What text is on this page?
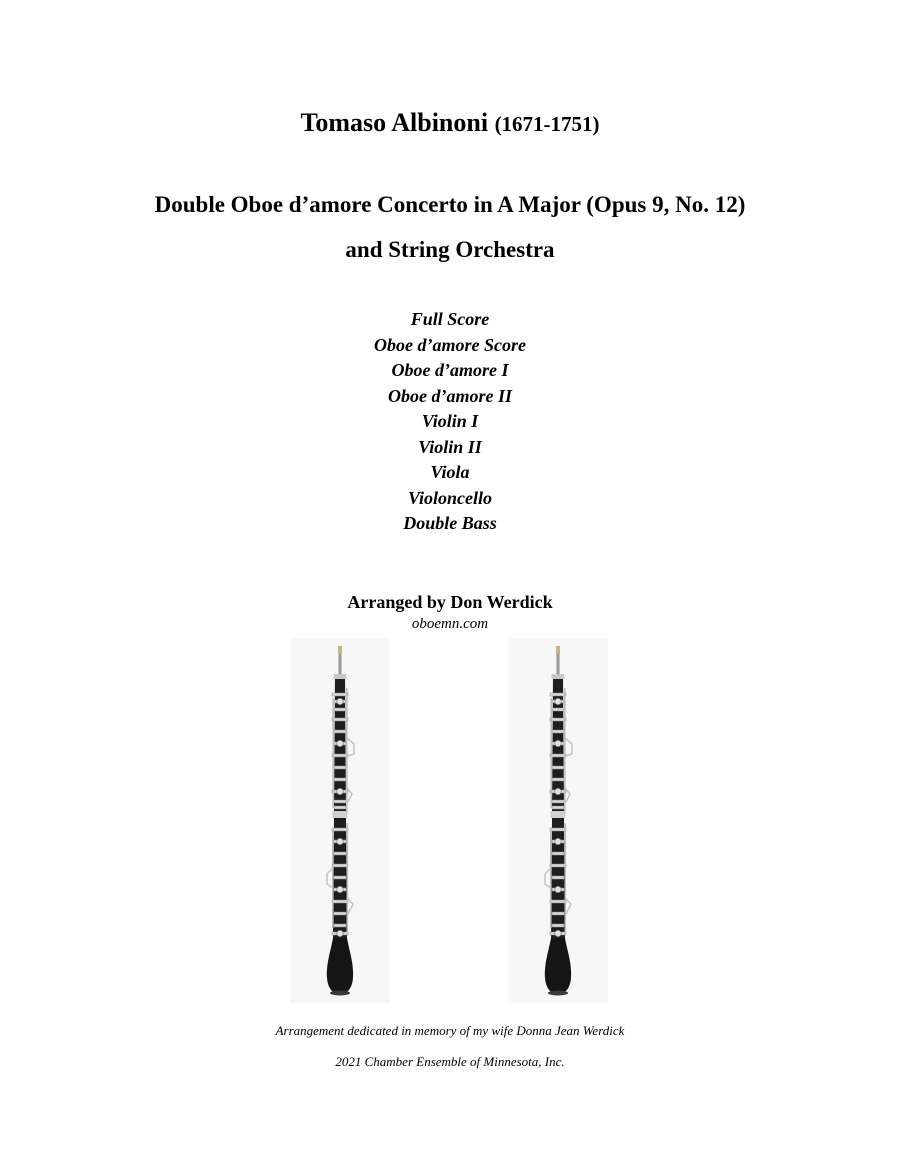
Tomaso Albinoni (1671-1751)
Double Oboe d’amore Concerto in A Major (Opus 9, No. 12)
and String Orchestra
Full Score
Oboe d’amore Score
Oboe d’amore I
Oboe d’amore II
Violin I
Violin II
Viola
Violoncello
Double Bass
Arranged by Don Werdick
oboemn.com
Arrangement dedicated in memory of my wife Donna Jean Werdick
2021 Chamber Ensemble of Minnesota, Inc.
